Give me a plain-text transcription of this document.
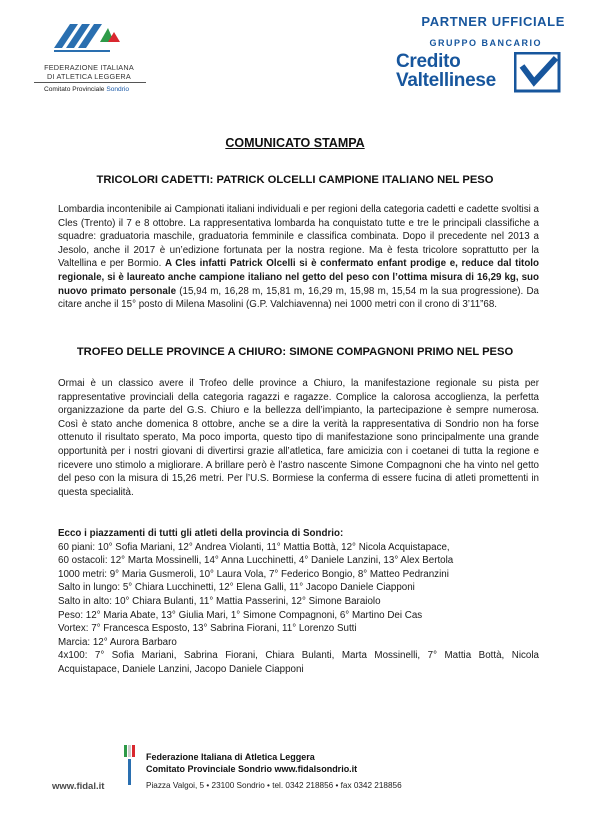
FEDERAZIONE ITALIANA
DI ATLETICA LEGGERA
Comitato Provinciale Sondrio
PARTNER UFFICIALE
GRUPPO BANCARIO
Credito
Valtellinese
COMUNICATO STAMPA
TRICOLORI CADETTI: PATRICK OLCELLI CAMPIONE ITALIANO NEL PESO
Lombardia incontenibile ai Campionati italiani individuali e per regioni della categoria cadetti e cadette svoltisi a Cles (Trento) il 7 e 8 ottobre. La rappresentativa lombarda ha conquistato tutte e tre le principali classifiche a squadre: graduatoria maschile, graduatoria femminile e classifica combinata. Dopo il precedente nel 2013 a Jesolo, anche il 2017 è un’edizione fortunata per la nostra regione. Ma è festa tricolore soprattutto per la Valtellina e per Bormio. A Cles infatti Patrick Olcelli si è confermato enfant prodige e, reduce dal titolo regionale, si è laureato anche campione italiano nel getto del peso con l’ottima misura di 16,29 kg, suo nuovo primato personale (15,94 m, 16,28 m, 15,81 m, 16,29 m, 15,98 m, 15,54 m la sua progressione). Da citare anche il 15° posto di Milena Masolini (G.P. Valchiavenna) nei 1000 metri con il crono di 3’11”68.
TROFEO DELLE PROVINCE A CHIURO: SIMONE COMPAGNONI PRIMO NEL PESO
Ormai è un classico avere il Trofeo delle province a Chiuro, la manifestazione regionale su pista per rappresentative provinciali della categoria ragazzi e ragazze. Complice la calorosa accoglienza, la perfetta organizzazione da parte del G.S. Chiuro e la bellezza dell’impianto, la partecipazione è sempre numerosa. Così è stato anche domenica 8 ottobre, anche se a dire la verità la rappresentativa di Sondrio non ha forse ottenuto il risultato sperato, Ma poco importa, questo tipo di manifestazione sono principalmente una grande opportunità per i nostri giovani di divertirsi grazie all’atletica, fare amicizia con i coetanei di tutta la regione e ricevere uno stimolo a migliorare. A brillare però è l’astro nascente Simone Compagnoni che ha vinto nel getto del peso con la misura di 15,26 metri. Per l’U.S. Bormiese la conferma di essere fucina di atleti promettenti in questa specialità.
Ecco i piazzamenti di tutti gli atleti della provincia di Sondrio:
60 piani: 10° Sofia Mariani, 12° Andrea Violanti, 11° Mattia Bottà, 12° Nicola Acquistapace,
60 ostacoli: 12° Marta Mossinelli, 14° Anna Lucchinetti, 4° Daniele Lanzini, 13° Alex Bertola
1000 metri: 9° Maria Gusmeroli, 10° Laura Vola, 7° Federico Bongio, 8° Matteo Pedranzini
Salto in lungo: 5° Chiara Lucchinetti, 12° Elena Galli, 11° Jacopo Daniele Ciapponi
Salto in alto: 10° Chiara Bulanti, 11° Mattia Passerini, 12° Simone Baraiolo
Peso: 12° Maria Abate, 13° Giulia Mari, 1° Simone Compagnoni, 6° Martino Dei Cas
Vortex: 7° Francesca Esposto, 13° Sabrina Fiorani, 11° Lorenzo Sutti
Marcia: 12° Aurora Barbaro
4x100: 7° Sofia Mariani, Sabrina Fiorani, Chiara Bulanti, Marta Mossinelli, 7° Mattia Bottà, Nicola Acquistapace, Daniele Lanzini, Jacopo Daniele Ciapponi
Federazione Italiana di Atletica Leggera
Comitato Provinciale Sondrio www.fidalsondrio.it
Piazza Valgoi, 5 • 23100 Sondrio • tel. 0342 218856 • fax 0342 218856
www.fidal.it
